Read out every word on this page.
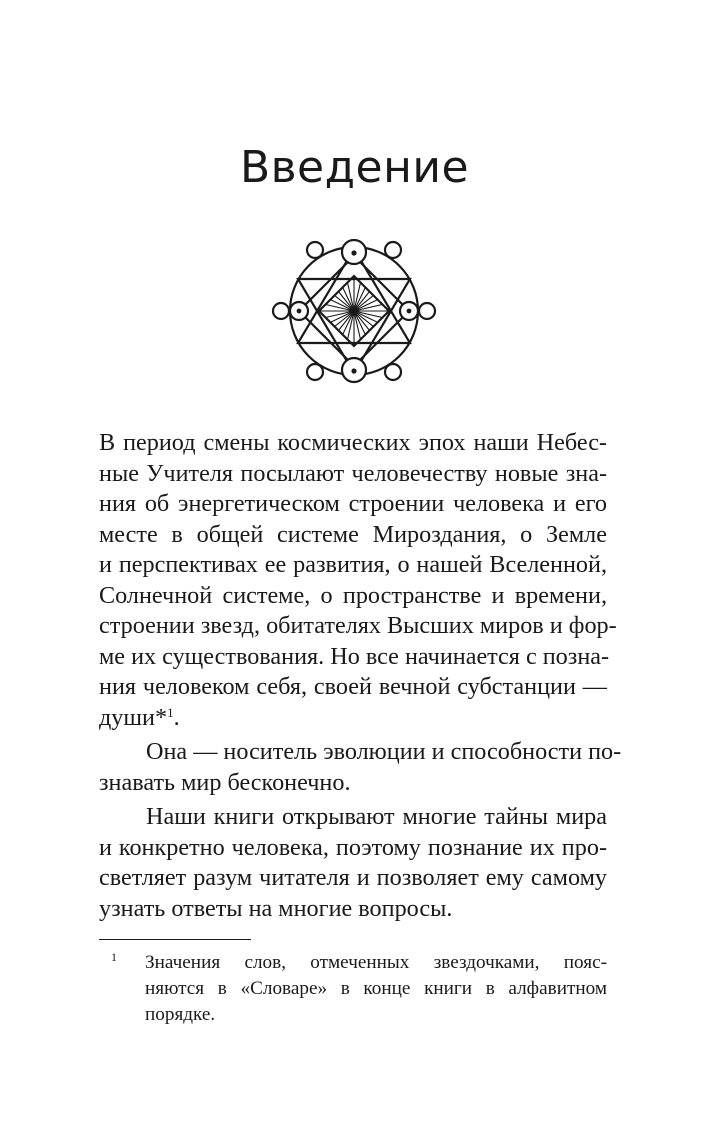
Введение
В период смены космических эпох наши Небес-
ные Учителя посылают человечеству новые зна-
ния об энергетическом строении человека и его
месте в общей системе Мироздания, о Земле
и перспективах ее развития, о нашей Вселенной,
Солнечной системе, о пространстве и времени,
строении звезд, обитателях Высших миров и фор-
ме их существования. Но все начинается с позна-
ния человеком себя, своей вечной субстанции —
души*$^1$.
Она — носитель эволюции и способности по-
знавать мир бесконечно.
Наши книги открывают многие тайны мира
и конкретно человека, поэтому познание их про-
светляет разум читателя и позволяет ему самому
узнать ответы на многие вопросы.
1 Значения слов, отмеченных звездочками, пояс-
няются в «Словаре» в конце книги в алфавитном
порядке.
